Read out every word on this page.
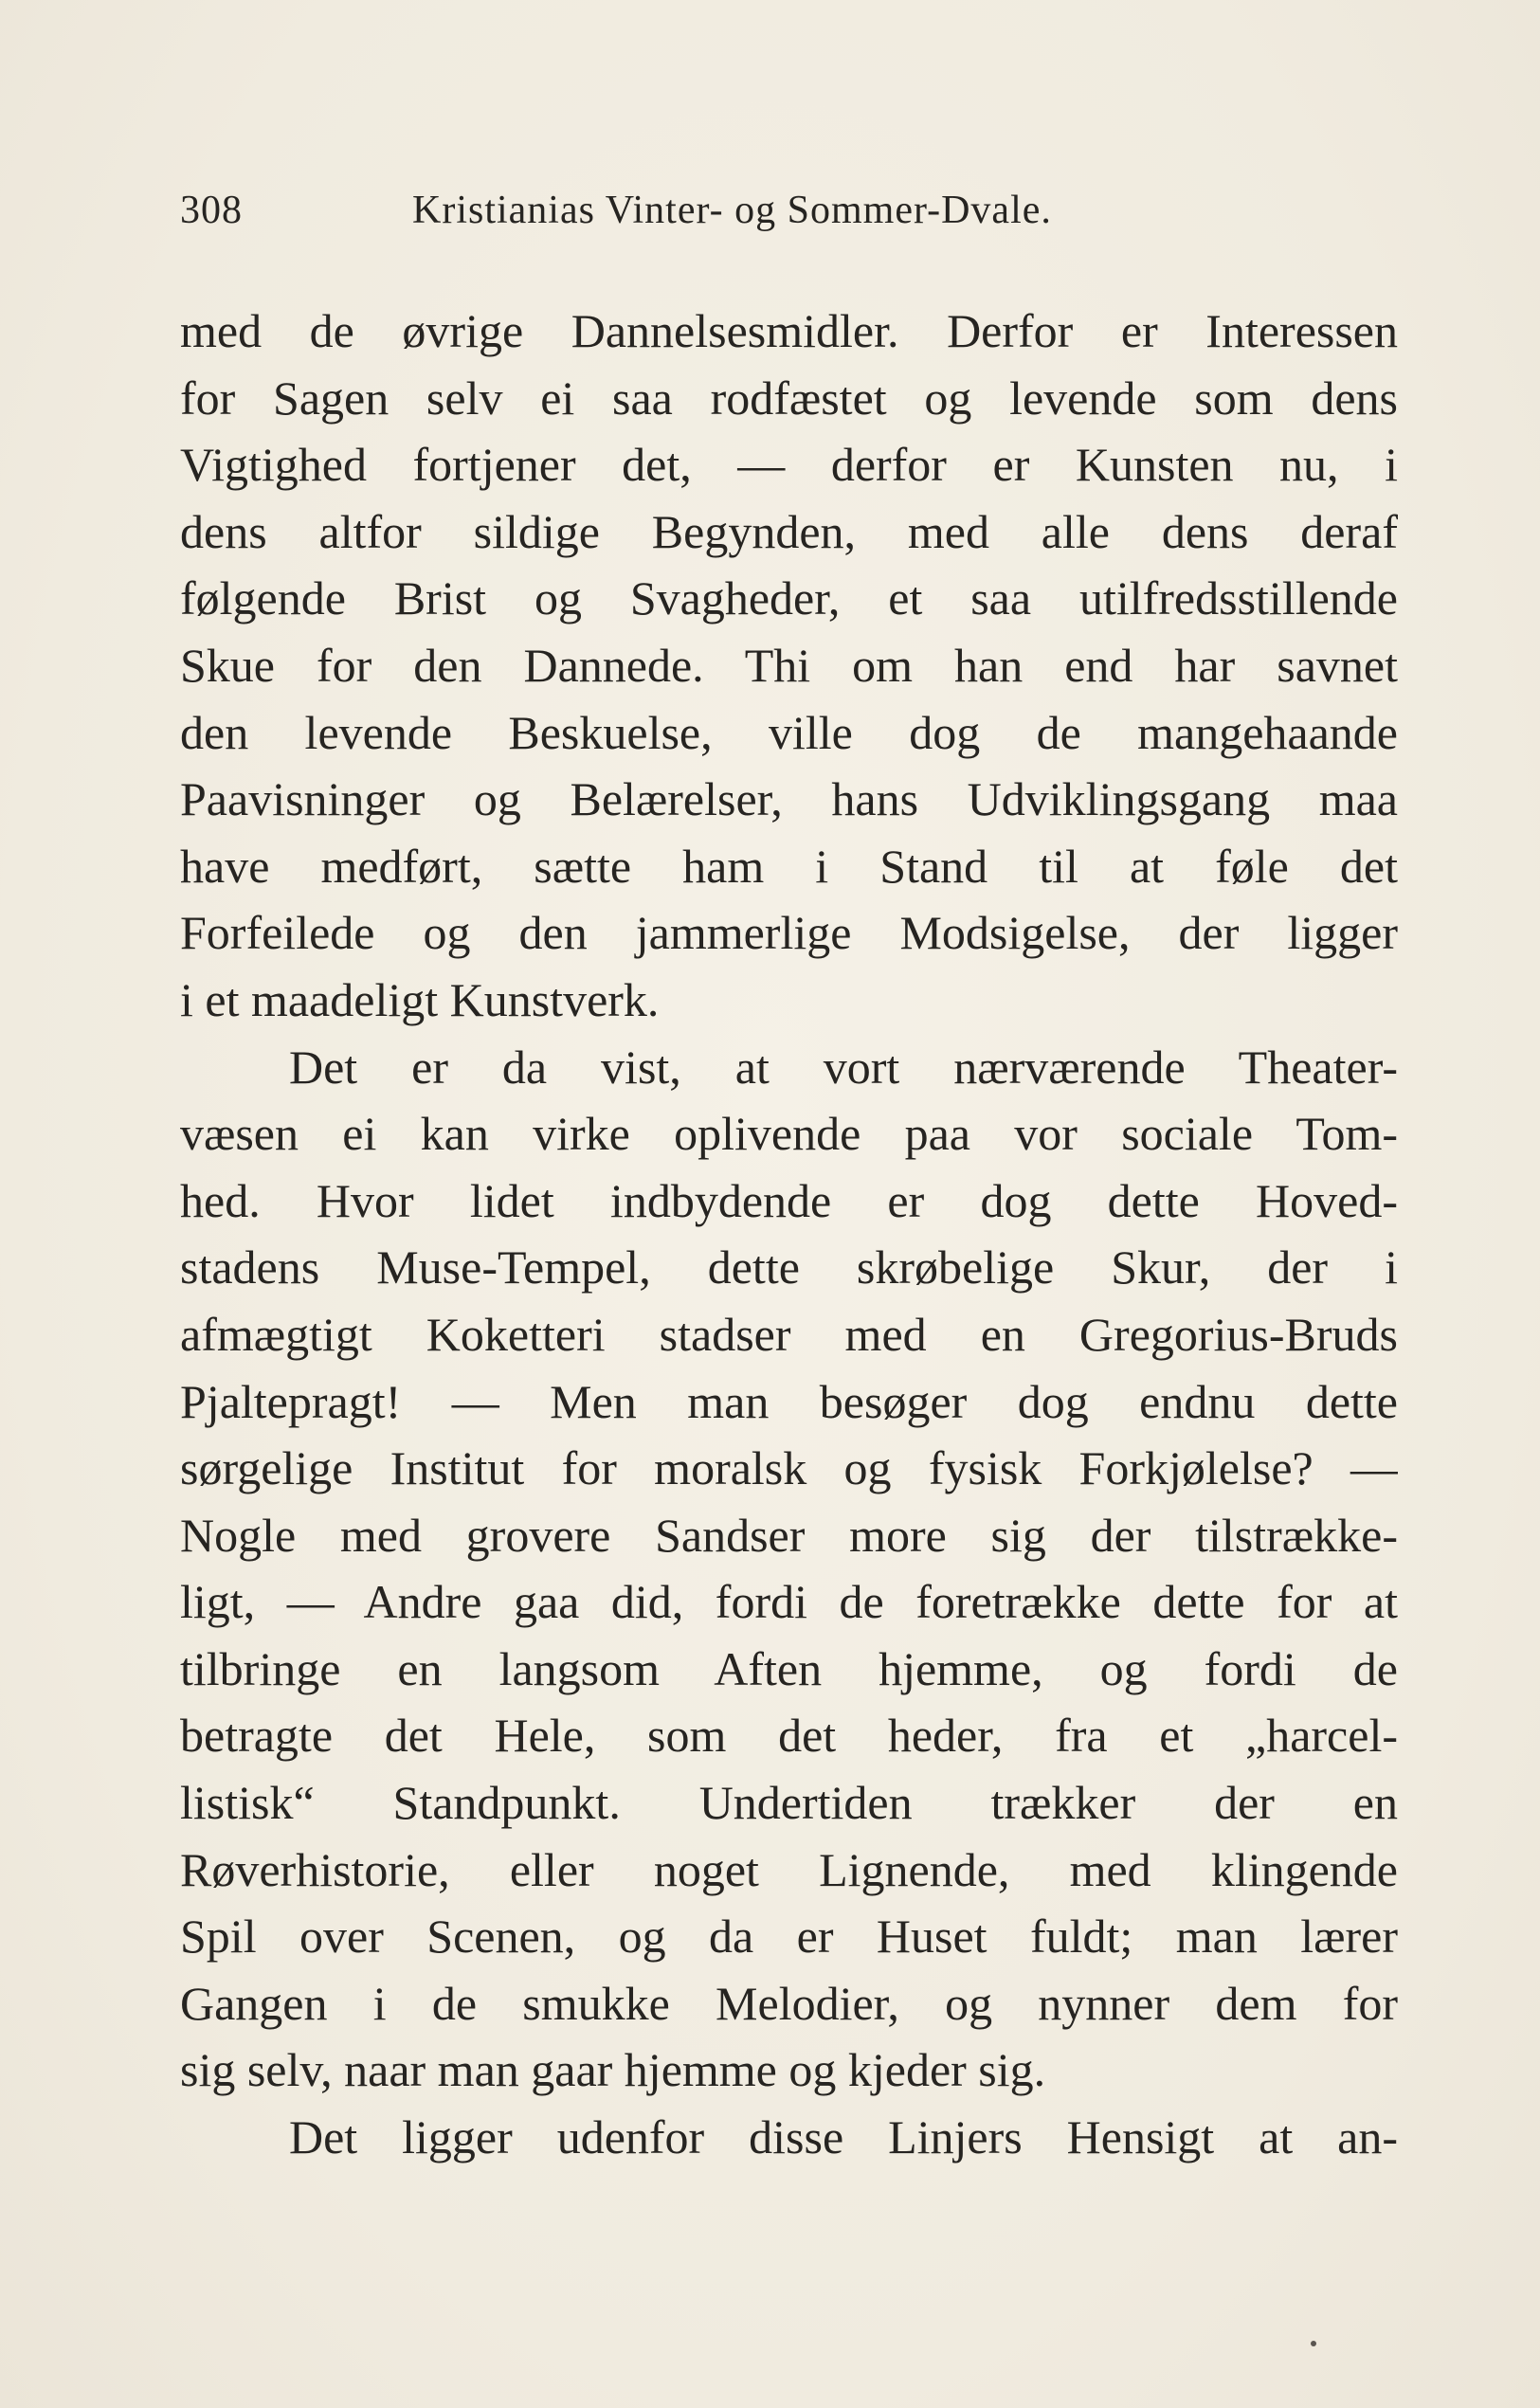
308	Kristianias Vinter- og Sommer-Dvale.
med de øvrige Dannelsesmidler. Derfor er Interessen
for Sagen selv ei saa rodfæstet og levende som dens
Vigtighed fortjener det, — derfor er Kunsten nu, i
dens altfor sildige Begynden, med alle dens deraf
følgende Brist og Svagheder, et saa utilfredsstillende
Skue for den Dannede. Thi om han end har savnet
den levende Beskuelse, ville dog de mangehaande
Paavisninger og Belærelser, hans Udviklingsgang maa
have medført, sætte ham i Stand til at føle det
Forfeilede og den jammerlige Modsigelse, der ligger
i et maadeligt Kunstverk.
Det er da vist, at vort nærværende Theater-
væsen ei kan virke oplivende paa vor sociale Tom-
hed. Hvor lidet indbydende er dog dette Hoved-
stadens Muse-Tempel, dette skrøbelige Skur, der i
afmægtigt Koketteri stadser med en Gregorius-Bruds
Pjaltepragt! — Men man besøger dog endnu dette
sørgelige Institut for moralsk og fysisk Forkjølelse? —
Nogle med grovere Sandser more sig der tilstrække-
ligt, — Andre gaa did, fordi de foretrække dette for at
tilbringe en langsom Aften hjemme, og fordi de
betragte det Hele, som det heder, fra et „harcel-
listisk“ Standpunkt. Undertiden trækker der en
Røverhistorie, eller noget Lignende, med klingende
Spil over Scenen, og da er Huset fuldt; man lærer
Gangen i de smukke Melodier, og nynner dem for
sig selv, naar man gaar hjemme og kjeder sig.
Det ligger udenfor disse Linjers Hensigt at an-
